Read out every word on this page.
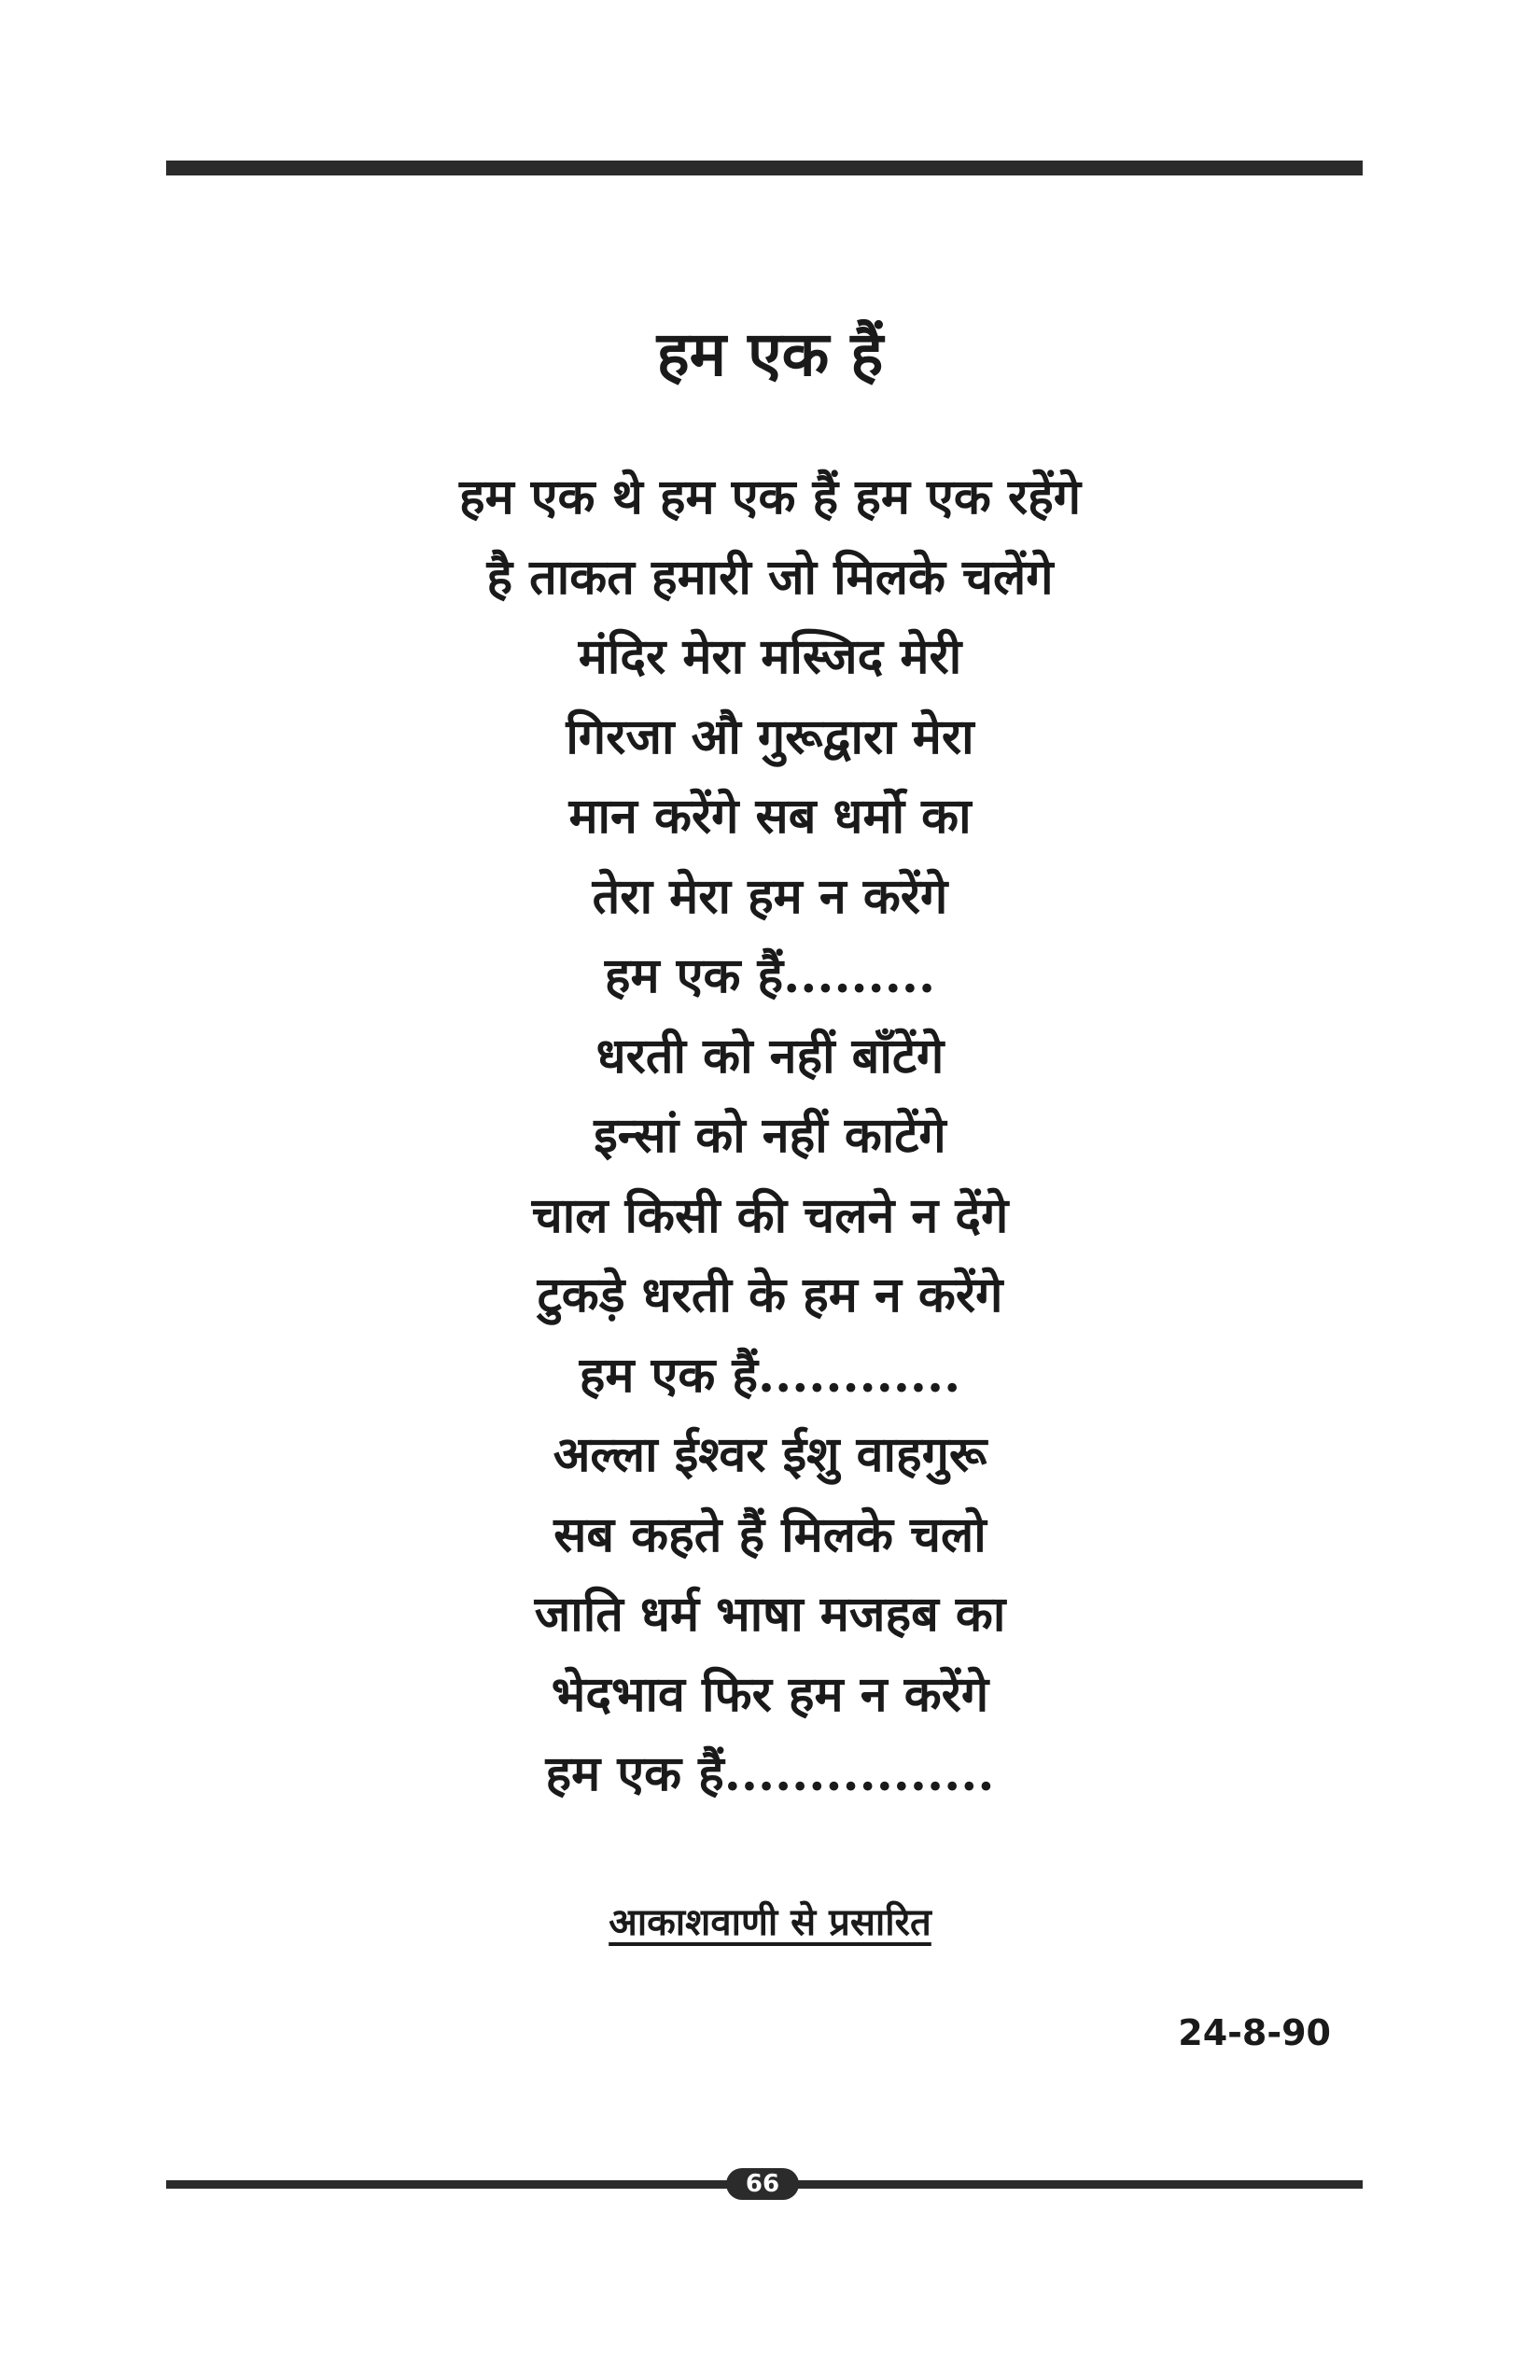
हम एक हैं
हम एक थे हम एक हैं हम एक रहेंगे
है ताकत हमारी जो मिलके चलेंगे
मंदिर मेरा मस्जिद मेरी
गिरजा औ गुरूद्वारा मेरा
मान करेंगे सब धर्मो का
तेरा मेरा हम न करेंगे
हम एक हैं.........
धरती को नहीं बाँटेंगे
इन्सां को नहीं काटेंगे
चाल किसी की चलने न देंगे
टुकड़े धरती के हम न करेंगे
हम एक हैं............
अल्ला ईश्वर ईशु वाहगुरू
सब कहते हैं मिलके चलो
जाति धर्म भाषा मजहब का
भेदभाव फिर हम न करेंगे
हम एक हैं................
आकाशवाणी से प्रसारित
24-8-90
66
